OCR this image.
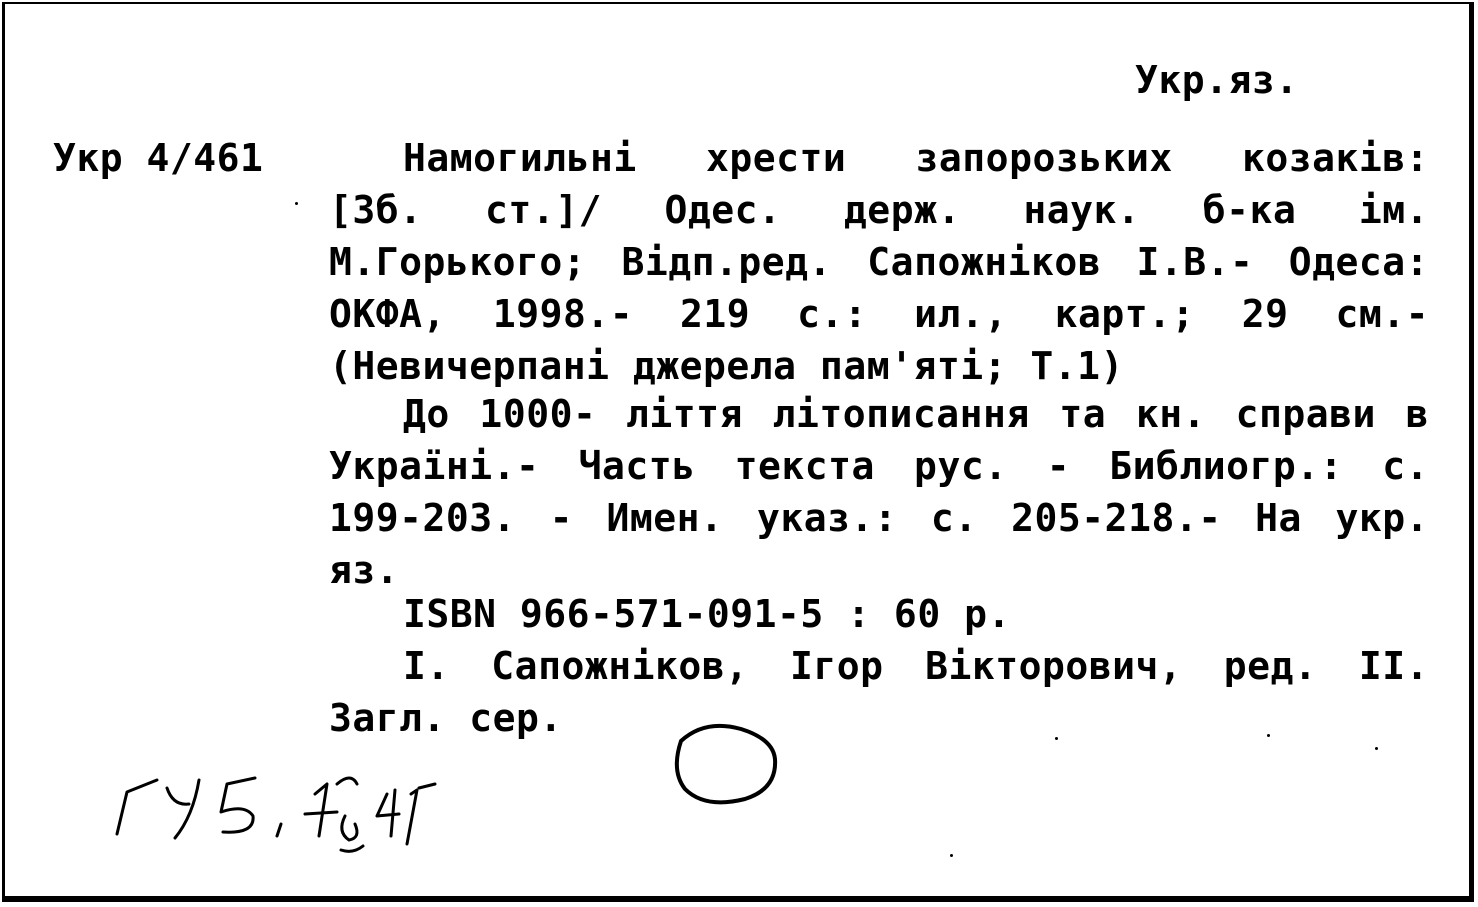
Укр.яз.
Укр 4/461	Намогильні хрести запорозьких козаків:
[Зб. ст.]/ Одес. держ. наук. б-ка ім.
М.Горького; Відп.ред. Сапожніков І.В.- Одеса:
ОКФА, 1998.- 219 с.: ил., карт.; 29 см.-
(Невичерпані джерела пам'яті; Т.1)
До 1000- ліття літописання та кн. справи в
Україні.- Часть текста рус. - Библиогр.: с.
199-203. - Имен. указ.: с. 205-218.- На укр.
яз.
ISBN 966-571-091-5 : 60 р.
І. Сапожніков, Ігор Вікторович, ред. II.
Загл. сер.
